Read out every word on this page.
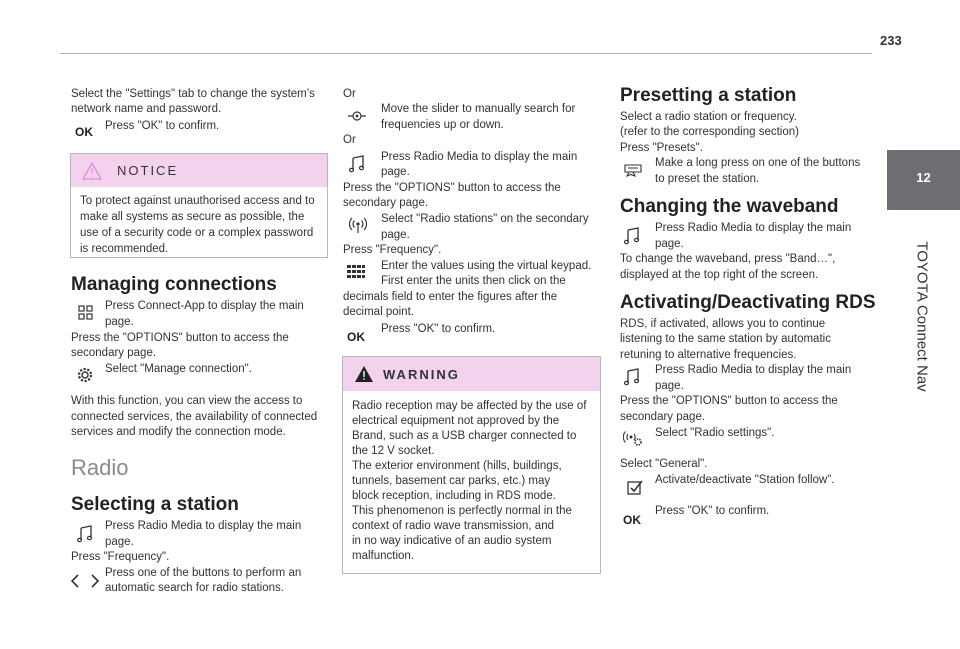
233
12
TOYOTA Connect Nav
Select the "Settings" tab to change the system’s
network name and password.
OK Press "OK" to confirm.
NOTICE
To protect against unauthorised access and to
make all systems as secure as possible, the
use of a security code or a complex password
is recommended.
Managing connections
Press Connect-App to display the main
page.
Press the "OPTIONS" button to access the
secondary page.
Select "Manage connection".
With this function, you can view the access to
connected services, the availability of connected
services and modify the connection mode.
Radio
Selecting a station
Press Radio Media to display the main
page.
Press "Frequency".
Press one of the buttons to perform an
automatic search for radio stations.
Or
Move the slider to manually search for
frequencies up or down.
Or
Press Radio Media to display the main
page.
Press the "OPTIONS" button to access the
secondary page.
Select "Radio stations" on the secondary
page.
Press "Frequency".
Enter the values using the virtual keypad.
First enter the units then click on the
decimals field to enter the figures after the
decimal point.
OK
Press "OK" to confirm.
WARNING
Radio reception may be affected by the use of
electrical equipment not approved by the
Brand, such as a USB charger connected to
the 12 V socket.
The exterior environment (hills, buildings,
tunnels, basement car parks, etc.) may
block reception, including in RDS mode.
This phenomenon is perfectly normal in the
context of radio wave transmission, and
in no way indicative of an audio system
malfunction.
Presetting a station
Select a radio station or frequency.
(refer to the corresponding section)
Press "Presets".
Make a long press on one of the buttons
to preset the station.
Changing the waveband
Press Radio Media to display the main
page.
To change the waveband, press "Band…",
displayed at the top right of the screen.
Activating/Deactivating RDS
RDS, if activated, allows you to continue
listening to the same station by automatic
retuning to alternative frequencies.
Press Radio Media to display the main
page.
Press the "OPTIONS" button to access the
secondary page.
Select "Radio settings".
Select "General".
Activate/deactivate "Station follow".
OK
Press "OK" to confirm.
